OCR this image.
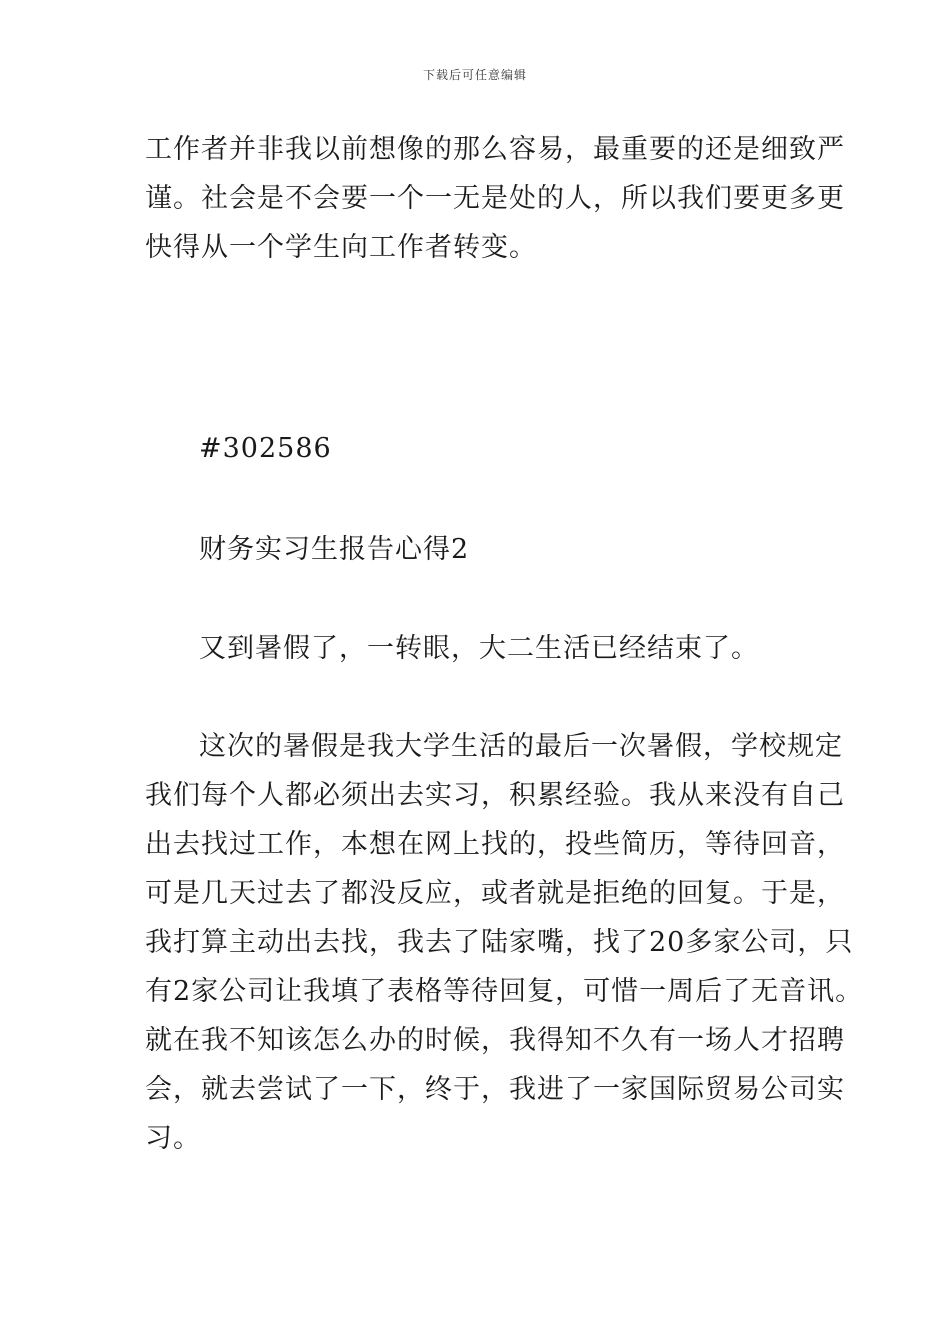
下载后可任意编辑
工作者并非我以前想像的那么容易，最重要的还是细致严
谨。社会是不会要一个一无是处的人，所以我们要更多更
快得从一个学生向工作者转变。
#302586
财务实习生报告心得2
又到暑假了，一转眼，大二生活已经结束了。
这次的暑假是我大学生活的最后一次暑假，学校规定
我们每个人都必须出去实习，积累经验。我从来没有自己
出去找过工作，本想在网上找的，投些简历，等待回音，
可是几天过去了都没反应，或者就是拒绝的回复。于是，
我打算主动出去找，我去了陆家嘴，找了20多家公司，只
有2家公司让我填了表格等待回复，可惜一周后了无音讯。
就在我不知该怎么办的时候，我得知不久有一场人才招聘
会，就去尝试了一下，终于，我进了一家国际贸易公司实
习。
